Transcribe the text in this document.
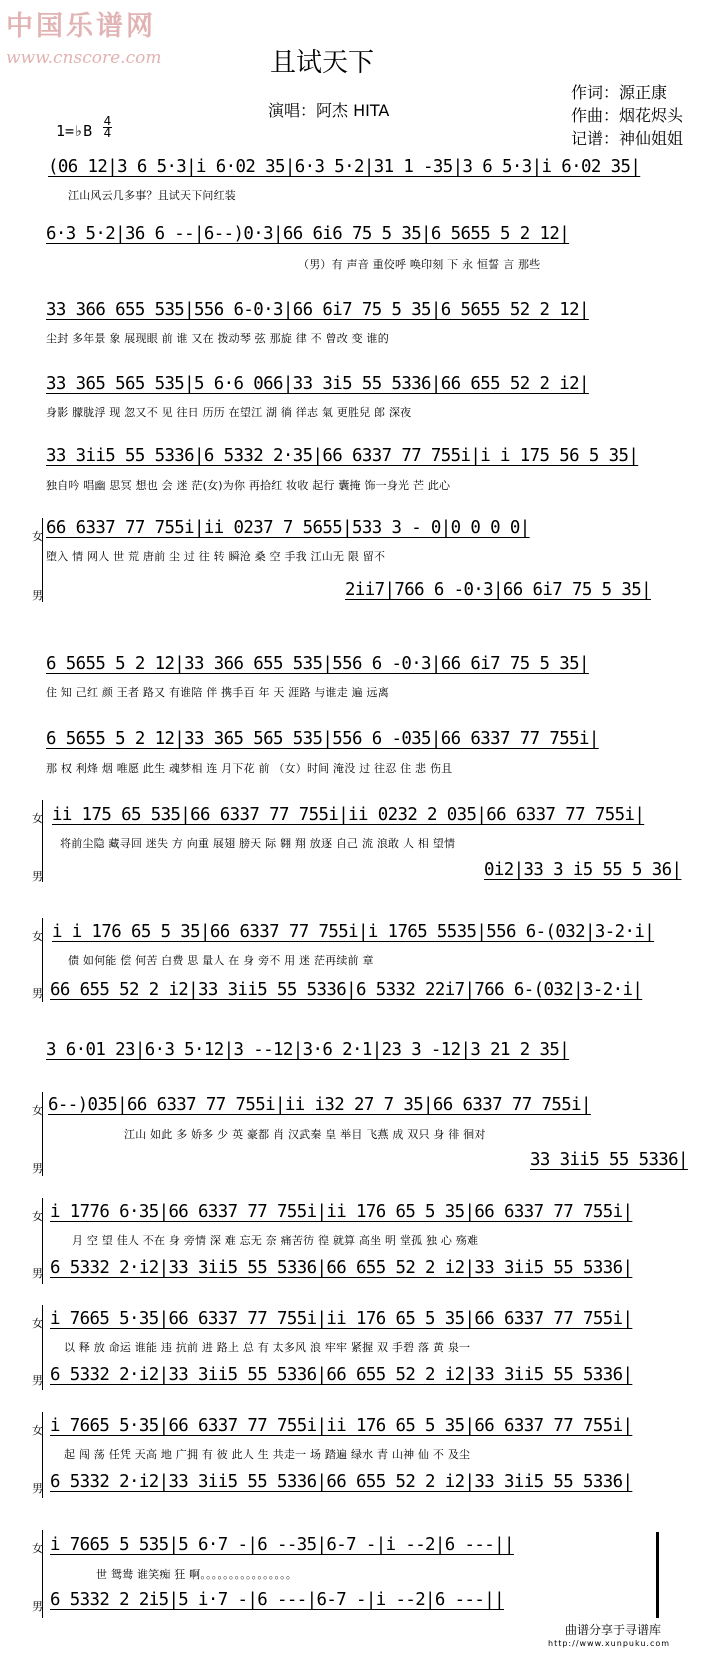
中国乐谱网
www.cnscore.com	且试天下
演唱：阿杰 HITA
作词：源正康
作曲：烟花烬头
记谱：神仙姐姐
1=♭B
4
4
(06 12|3 6 5·3|i 6·02 35|6·3 5·2|31 1 -35|3 6 5·3|i 6·02 35|
江山风云几多事？且试天下问红装
6·3 5·2|36 6 --|6--)0·3|66 6i6 75 5 35|6 5655 5 2 12|
（男）有 声音 重佼呼 唤印刻 下 永 恒誓 言 那些
33 366 655 535|556 6-0·3|66 6i7 75 5 35|6 5655 52 2 12|
尘封 多年景 象 展现眼 前 谁 又在 拨动琴 弦 那旋 律 不 曾改 变 谁的
33 365 565 535|5 6·6 066|33 3i5 55 5336|66 655 52 2 i2|
身影 朦胧浮 现 忽又不 见 往日 历历 在望江 湖 徜 徉志 氣 更胜兒 郎 深夜
33 3ii5 55 5336|6 5332 2·35|66 6337 77 755i|i i 175 56 5 35|
独自吟 唱幽 思冥 想也 会 迷 茫(女)为你 再拾红 妆收 起行 囊掩 饰一身光 芒 此心
女
男
66 6337 77 755i|ii 0237 7 5655|533 3 - 0|0 0 0 0|
堕入 情 网人 世 荒 唐前 尘 过 往 转 瞬沧 桑 空 手我 江山无 限 留不
2ii7|766 6 -0·3|66 6i7 75 5 35|
6 5655 5 2 12|33 366 655 535|556 6 -0·3|66 6i7 75 5 35|
住 知 己红 颜 王者 路又 有谁陪 伴 携手百 年 天 涯路 与谁走 遍 远离
6 5655 5 2 12|33 365 565 535|556 6 -035|66 6337 77 755i|
那 权 利烽 烟 唯愿 此生 魂梦相 连 月下花 前 （女）时间 淹没 过 往忍 住 悲 伤且
女
男
ii 175 65 535|66 6337 77 755i|ii 0232 2 035|66 6337 77 755i|
将前尘隐 藏寻回 迷失 方 向重 展翅 膀天 际 翱 翔 放逐 自己 流 浪敢 人 相 望情
0i2|33 3 i5 55 5 36|
女
男
i i 176 65 5 35|66 6337 77 755i|i 1765 5535|556 6-(032|3-2·i|
债 如何能 偿 何苦 白费 思 量人 在 身 旁不 用 迷 茫再续前 章
66 655 52 2 i2|33 3ii5 55 5336|6 5332 22i7|766 6-(032|3-2·i|
3 6·01 23|6·3 5·12|3 --12|3·6 2·1|23 3 -12|3 21 2 35|
女
男
6--)035|66 6337 77 755i|ii i32 27 7 35|66 6337 77 755i|
江山 如此 多 娇多 少 英 豪都 肖 汉武秦 皇 举目 飞燕 成 双只 身 徘 徊对
33 3ii5 55 5336|
女
男
i 1776 6·35|66 6337 77 755i|ii 176 65 5 35|66 6337 77 755i|
月 空 望 佳人 不在 身 旁情 深 难 忘无 奈 痛苦彷 徨 就算 高坐 明 堂孤 独 心 殇难
6 5332 2·i2|33 3ii5 55 5336|66 655 52 2 i2|33 3ii5 55 5336|
女
男
i 7665 5·35|66 6337 77 755i|ii 176 65 5 35|66 6337 77 755i|
以 释 放 命运 谁能 违 抗前 进 路上 总 有 太多风 浪 牢牢 紧握 双 手碧 落 黄 泉一
6 5332 2·i2|33 3ii5 55 5336|66 655 52 2 i2|33 3ii5 55 5336|
女
男
i 7665 5·35|66 6337 77 755i|ii 176 65 5 35|66 6337 77 755i|
起 闯 荡 任凭 天高 地 广拥 有 彼 此人 生 共走一 场 踏遍 绿水 青 山神 仙 不 及尘
6 5332 2·i2|33 3ii5 55 5336|66 655 52 2 i2|33 3ii5 55 5336|
女
男
i 7665 5 535|5 6·7 -|6 --35|6-7 -|i --2|6 ---||
世 鸳鸯 谁笑痴 狂 啊。。。。。。。。。。。。。。。。
6 5332 2 2i5|5 i·7 -|6 ---|6-7 -|i --2|6 ---||
曲谱分享于寻谱库
http://www.xunpuku.com
